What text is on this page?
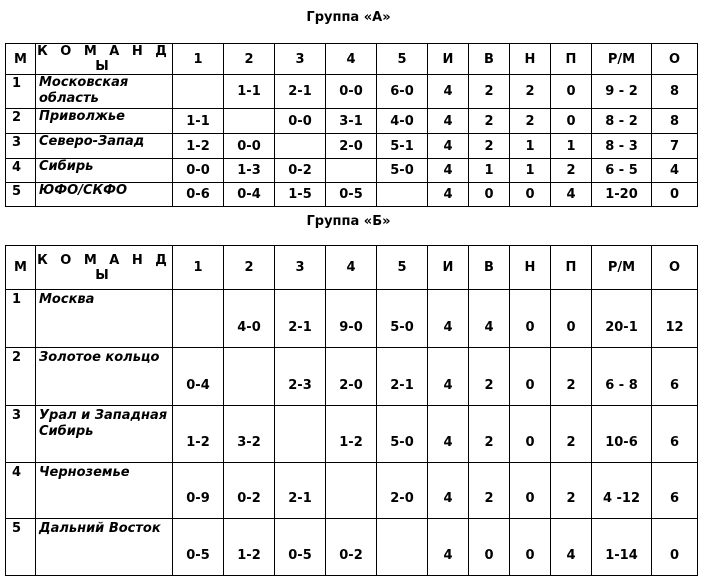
Группа «А»
М	К О М А Н Д Ы	1	2	3	4	5	И	В	Н	П	Р/М	О
1	Московская область		1-1	2-1	0-0	6-0	4	2	2	0	9 - 2	8
2	Приволжье	1-1		0-0	3-1	4-0	4	2	2	0	8 - 2	8
3	Северо-Запад	1-2	0-0		2-0	5-1	4	2	1	1	8 - 3	7
4	Сибирь	0-0	1-3	0-2		5-0	4	1	1	2	6 - 5	4
5	ЮФО/СКФО	0-6	0-4	1-5	0-5		4	0	0	4	1-20	0
Группа «Б»
М	К О М А Н Д Ы	1	2	3	4	5	И	В	Н	П	Р/М	О
1	Москва		4-0	2-1	9-0	5-0	4	4	0	0	20-1	12
2	Золотое кольцо	0-4		2-3	2-0	2-1	4	2	0	2	6 - 8	6
3	Урал и Западная Сибирь	1-2	3-2		1-2	5-0	4	2	0	2	10-6	6
4	Черноземье	0-9	0-2	2-1		2-0	4	2	0	2	4 -12	6
5	Дальний Восток	0-5	1-2	0-5	0-2		4	0	0	4	1-14	0
